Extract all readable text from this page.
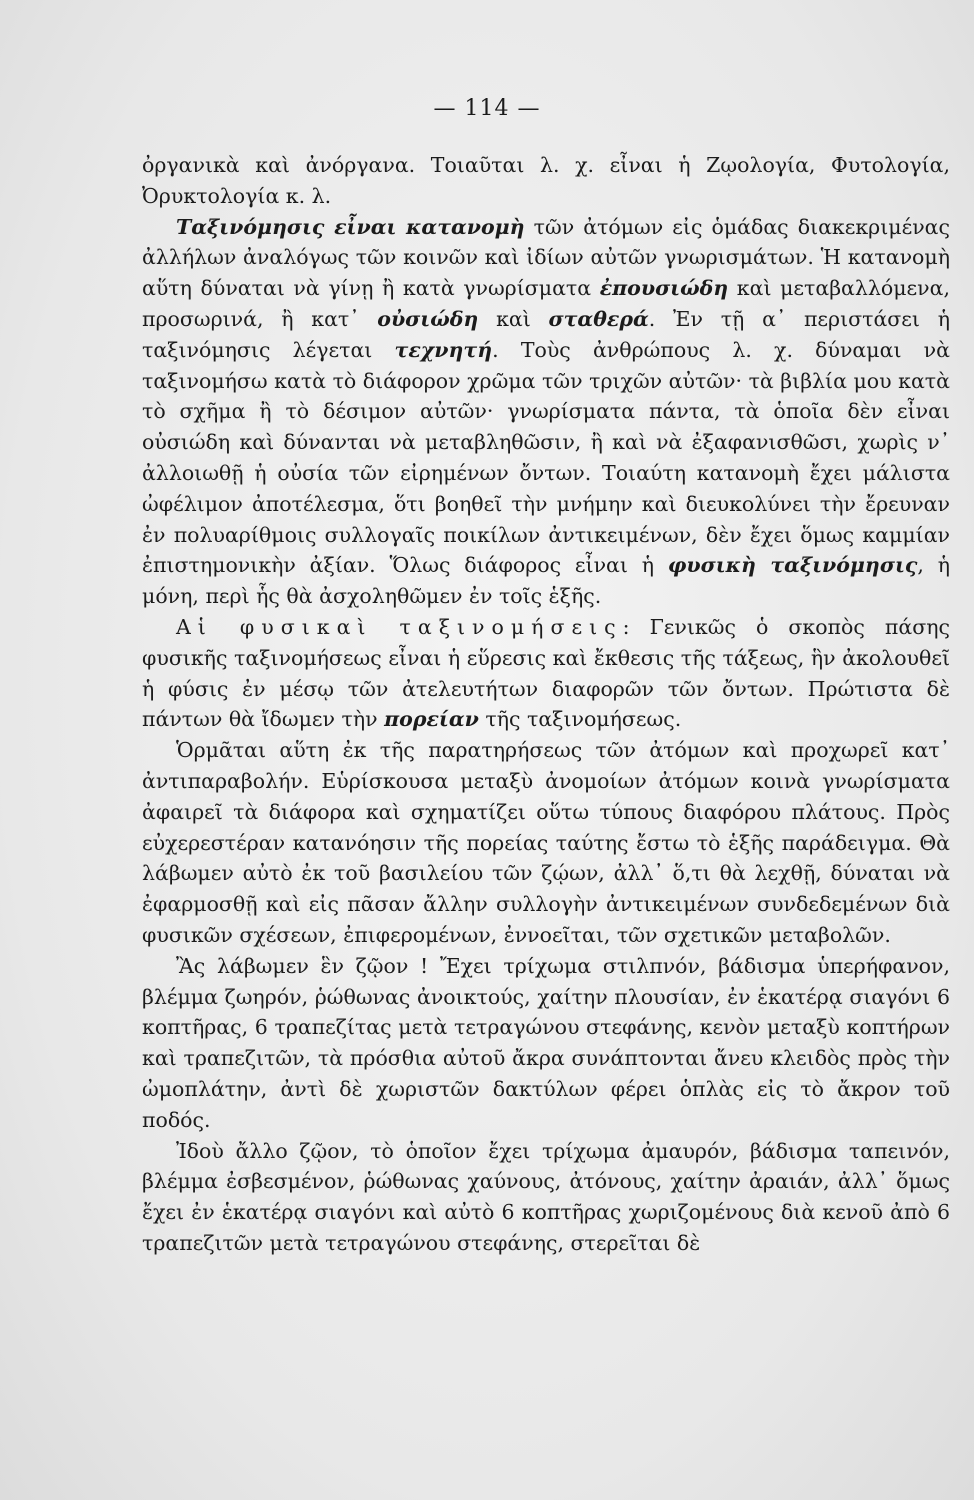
— 114 —

ὀργανικὰ καὶ ἀνόργανα. Τοιαῦται λ. χ. εἶναι ἡ Ζῳολογία, Φυτολογία, Ὀρυκτολογία κ. λ.

Ταξινόμησις εἶναι κατανομὴ τῶν ἀτόμων εἰς ὁμάδας διακεκριμένας ἀλλήλων ἀναλόγως τῶν κοινῶν καὶ ἰδίων αὐτῶν γνωρισμάτων. Ἡ κατανομὴ αὕτη δύναται νὰ γίνῃ ἢ κατὰ γνωρίσματα ἐπουσιώδη καὶ μεταβαλλόμενα, προσωρινά, ἢ κατ᾿ οὐσιώδη καὶ σταθερά. Ἐν τῇ α᾿ περιστάσει ἡ ταξινόμησις λέγεται τεχνητή. Τοὺς ἀνθρώπους λ. χ. δύναμαι νὰ ταξινομήσω κατὰ τὸ διάφορον χρῶμα τῶν τριχῶν αὐτῶν· τὰ βιβλία μου κατὰ τὸ σχῆμα ἢ τὸ δέσιμον αὐτῶν· γνωρίσματα πάντα, τὰ ὁποῖα δὲν εἶναι οὐσιώδη καὶ δύνανται νὰ μεταβληθῶσιν, ἢ καὶ νὰ ἐξαφανισθῶσι, χωρὶς ν᾿ ἀλλοιωθῇ ἡ οὐσία τῶν εἰρημένων ὄντων. Τοιαύτη κατανομὴ ἔχει μάλιστα ὠφέλιμον ἀποτέλεσμα, ὅτι βοηθεῖ τὴν μνήμην καὶ διευκολύνει τὴν ἔρευναν ἐν πολυαρίθμοις συλλογαῖς ποικίλων ἀντικειμένων, δὲν ἔχει ὅμως καμμίαν ἐπιστημονικὴν ἀξίαν. Ὅλως διάφορος εἶναι ἡ φυσικὴ ταξινόμησις, ἡ μόνη, περὶ ἧς θὰ ἀσχοληθῶμεν ἐν τοῖς ἑξῆς.

Αἱ φυσικαὶ ταξινομήσεις: Γενικῶς ὁ σκοπὸς πάσης φυσικῆς ταξινομήσεως εἶναι ἡ εὕρεσις καὶ ἔκθεσις τῆς τάξεως, ἣν ἀκολουθεῖ ἡ φύσις ἐν μέσῳ τῶν ἀτελευτήτων διαφορῶν τῶν ὄντων. Πρώτιστα δὲ πάντων θὰ ἴδωμεν τὴν πορείαν τῆς ταξινομήσεως.

Ὁρμᾶται αὕτη ἐκ τῆς παρατηρήσεως τῶν ἀτόμων καὶ προχωρεῖ κατ᾿ ἀντιπαραβολήν. Εὑρίσκουσα μεταξὺ ἀνομοίων ἀτόμων κοινὰ γνωρίσματα ἀφαιρεῖ τὰ διάφορα καὶ σχηματίζει οὕτω τύπους διαφόρου πλάτους. Πρὸς εὐχερεστέραν κατανόησιν τῆς πορείας ταύτης ἔστω τὸ ἑξῆς παράδειγμα. Θὰ λάβωμεν αὐτὸ ἐκ τοῦ βασιλείου τῶν ζῴων, ἀλλ᾿ ὅ,τι θὰ λεχθῇ, δύναται νὰ ἐφαρμοσθῇ καὶ εἰς πᾶσαν ἄλλην συλλογὴν ἀντικειμένων συνδεδεμένων διὰ φυσικῶν σχέσεων, ἐπιφερομένων, ἐννοεῖται, τῶν σχετικῶν μεταβολῶν.

Ἂς λάβωμεν ἓν ζῷον ! Ἔχει τρίχωμα στιλπνόν, βάδισμα ὑπερήφανον, βλέμμα ζωηρόν, ῥώθωνας ἀνοικτούς, χαίτην πλουσίαν, ἐν ἑκατέρᾳ σιαγόνι 6 κοπτῆρας, 6 τραπεζίτας μετὰ τετραγώνου στεφάνης, κενὸν μεταξὺ κοπτήρων καὶ τραπεζιτῶν, τὰ πρόσθια αὐτοῦ ἄκρα συνάπτονται ἄνευ κλειδὸς πρὸς τὴν ὠμοπλάτην, ἀντὶ δὲ χωριστῶν δακτύλων φέρει ὁπλὰς εἰς τὸ ἄκρον τοῦ ποδός.

Ἰδοὺ ἄλλο ζῷον, τὸ ὁποῖον ἔχει τρίχωμα ἀμαυρόν, βάδισμα ταπεινόν, βλέμμα ἐσβεσμένον, ῥώθωνας χαύνους, ἀτόνους, χαίτην ἀραιάν, ἀλλ᾿ ὅμως ἔχει ἐν ἑκατέρᾳ σιαγόνι καὶ αὐτὸ 6 κοπτῆρας χωριζομένους διὰ κενοῦ ἀπὸ 6 τραπεζιτῶν μετὰ τετραγώνου στεφάνης, στερεῖται δὲ
